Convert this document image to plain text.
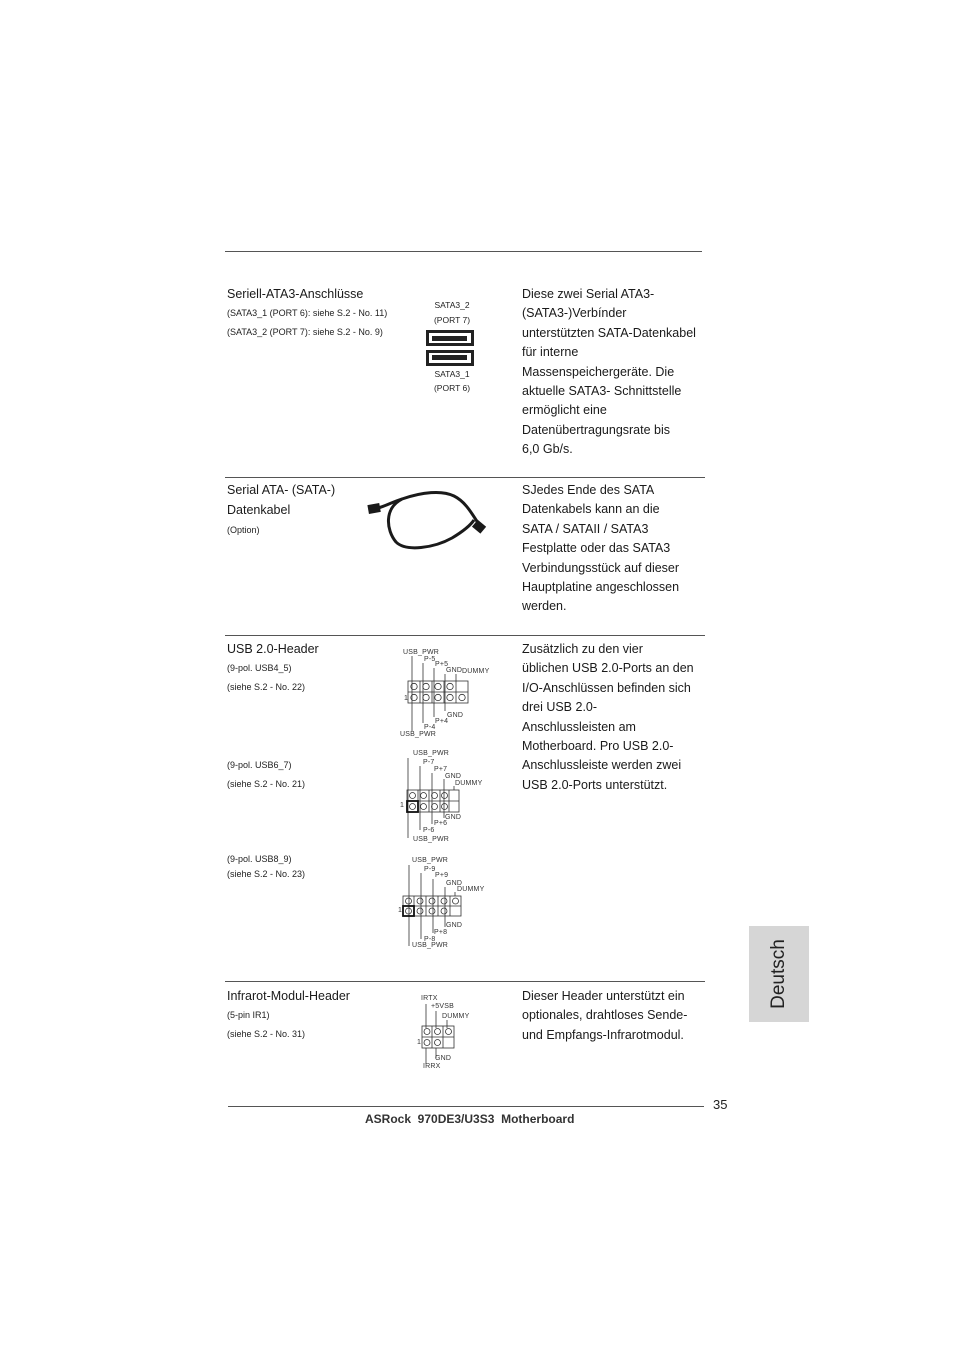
Seriell-ATA3-Anschlüsse
(SATA3_1 (PORT 6): siehe S.2 - No. 11)
(SATA3_2 (PORT 7): siehe S.2 - No. 9)
SATA3_2
(PORT 7)
SATA3_1
(PORT 6)
Diese zwei Serial ATA3-
(SATA3-)Verbínder
unterstützten SATA-Datenkabel
für interne
Massenspeichergeräte. Die
aktuelle SATA3- Schnittstelle
ermöglicht eine
Datenübertragungsrate bis
6,0 Gb/s.
Serial ATA- (SATA-)
Datenkabel
(Option)
SJedes Ende des SATA
Datenkabels kann an die
SATA / SATAII / SATA3
Festplatte oder das SATA3
Verbindungsstück auf dieser
Hauptplatine angeschlossen
werden.
USB 2.0-Header
(9-pol. USB4_5)
(siehe S.2 - No. 22)
(9-pol. USB6_7)
(siehe S.2 - No. 21)
(9-pol. USB8_9)
(siehe S.2 - No. 23)
USB_PWR
P-5
P+5
GND DUMMY
1
GND
P+4
P-4
USB_PWR
USB_PWR
P-7
P+7
GND
DUMMY
1
GND
P+6
P-6
USB_PWR
USB_PWR
P-9
P+9
GND
DUMMY
1
GND
P+8
P-8
USB_PWR
Zusätzlich zu den vier
üblichen USB 2.0-Ports an den
I/O-Anschlüssen befinden sich
drei USB 2.0-
Anschlussleisten am
Motherboard. Pro USB 2.0-
Anschlussleiste werden zwei
USB 2.0-Ports unterstützt.
Infrarot-Modul-Header
(5-pin IR1)
(siehe S.2 - No. 31)
IRTX
+5VSB
DUMMY
1
GND
IRRX
Dieser Header unterstützt ein
optionales, drahtloses Sende-
und Empfangs-Infrarotmodul.
Deutsch
35
ASRock  970DE3/U3S3  Motherboard
